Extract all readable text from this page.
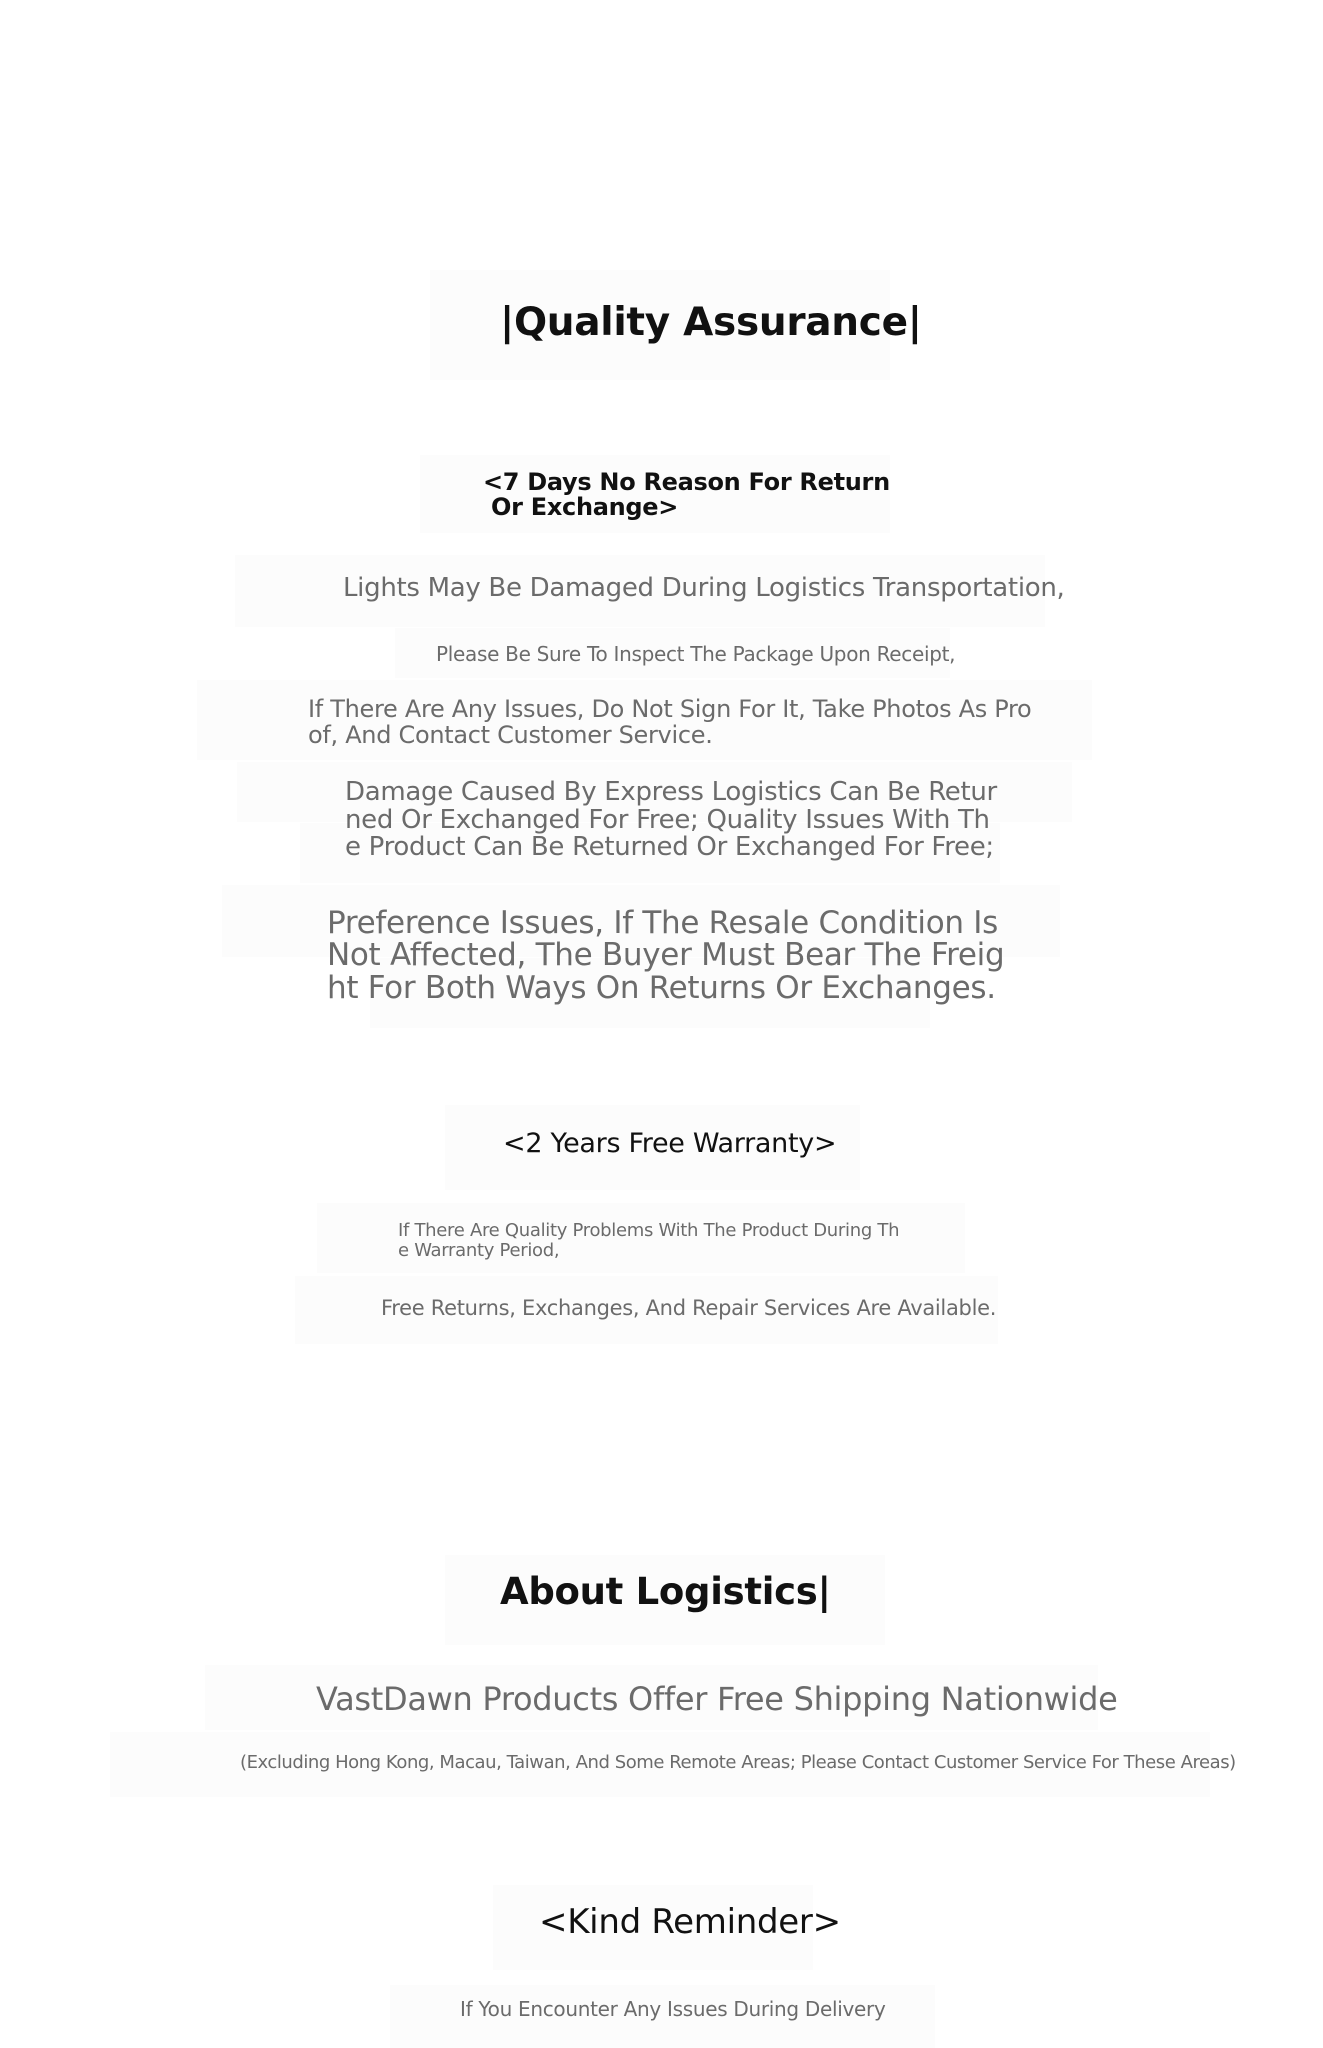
|Quality Assurance|
<7 Days No Reason For Return
Or Exchange>
Lights May Be Damaged During Logistics Transportation,
Please Be Sure To Inspect The Package Upon Receipt,
If There Are Any Issues, Do Not Sign For It, Take Photos As Pro
of, And Contact Customer Service.
Damage Caused By Express Logistics Can Be Retur
ned Or Exchanged For Free; Quality Issues With Th
e Product Can Be Returned Or Exchanged For Free;
Preference Issues, If The Resale Condition Is
Not Affected, The Buyer Must Bear The Freig
ht For Both Ways On Returns Or Exchanges.
<2 Years Free Warranty>
If There Are Quality Problems With The Product During Th
e Warranty Period,
Free Returns, Exchanges, And Repair Services Are Available.
About Logistics|
VastDawn Products Offer Free Shipping Nationwide
(Excluding Hong Kong, Macau, Taiwan, And Some Remote Areas; Please Contact Customer Service For These Areas)
<Kind Reminder>
If You Encounter Any Issues During Delivery
